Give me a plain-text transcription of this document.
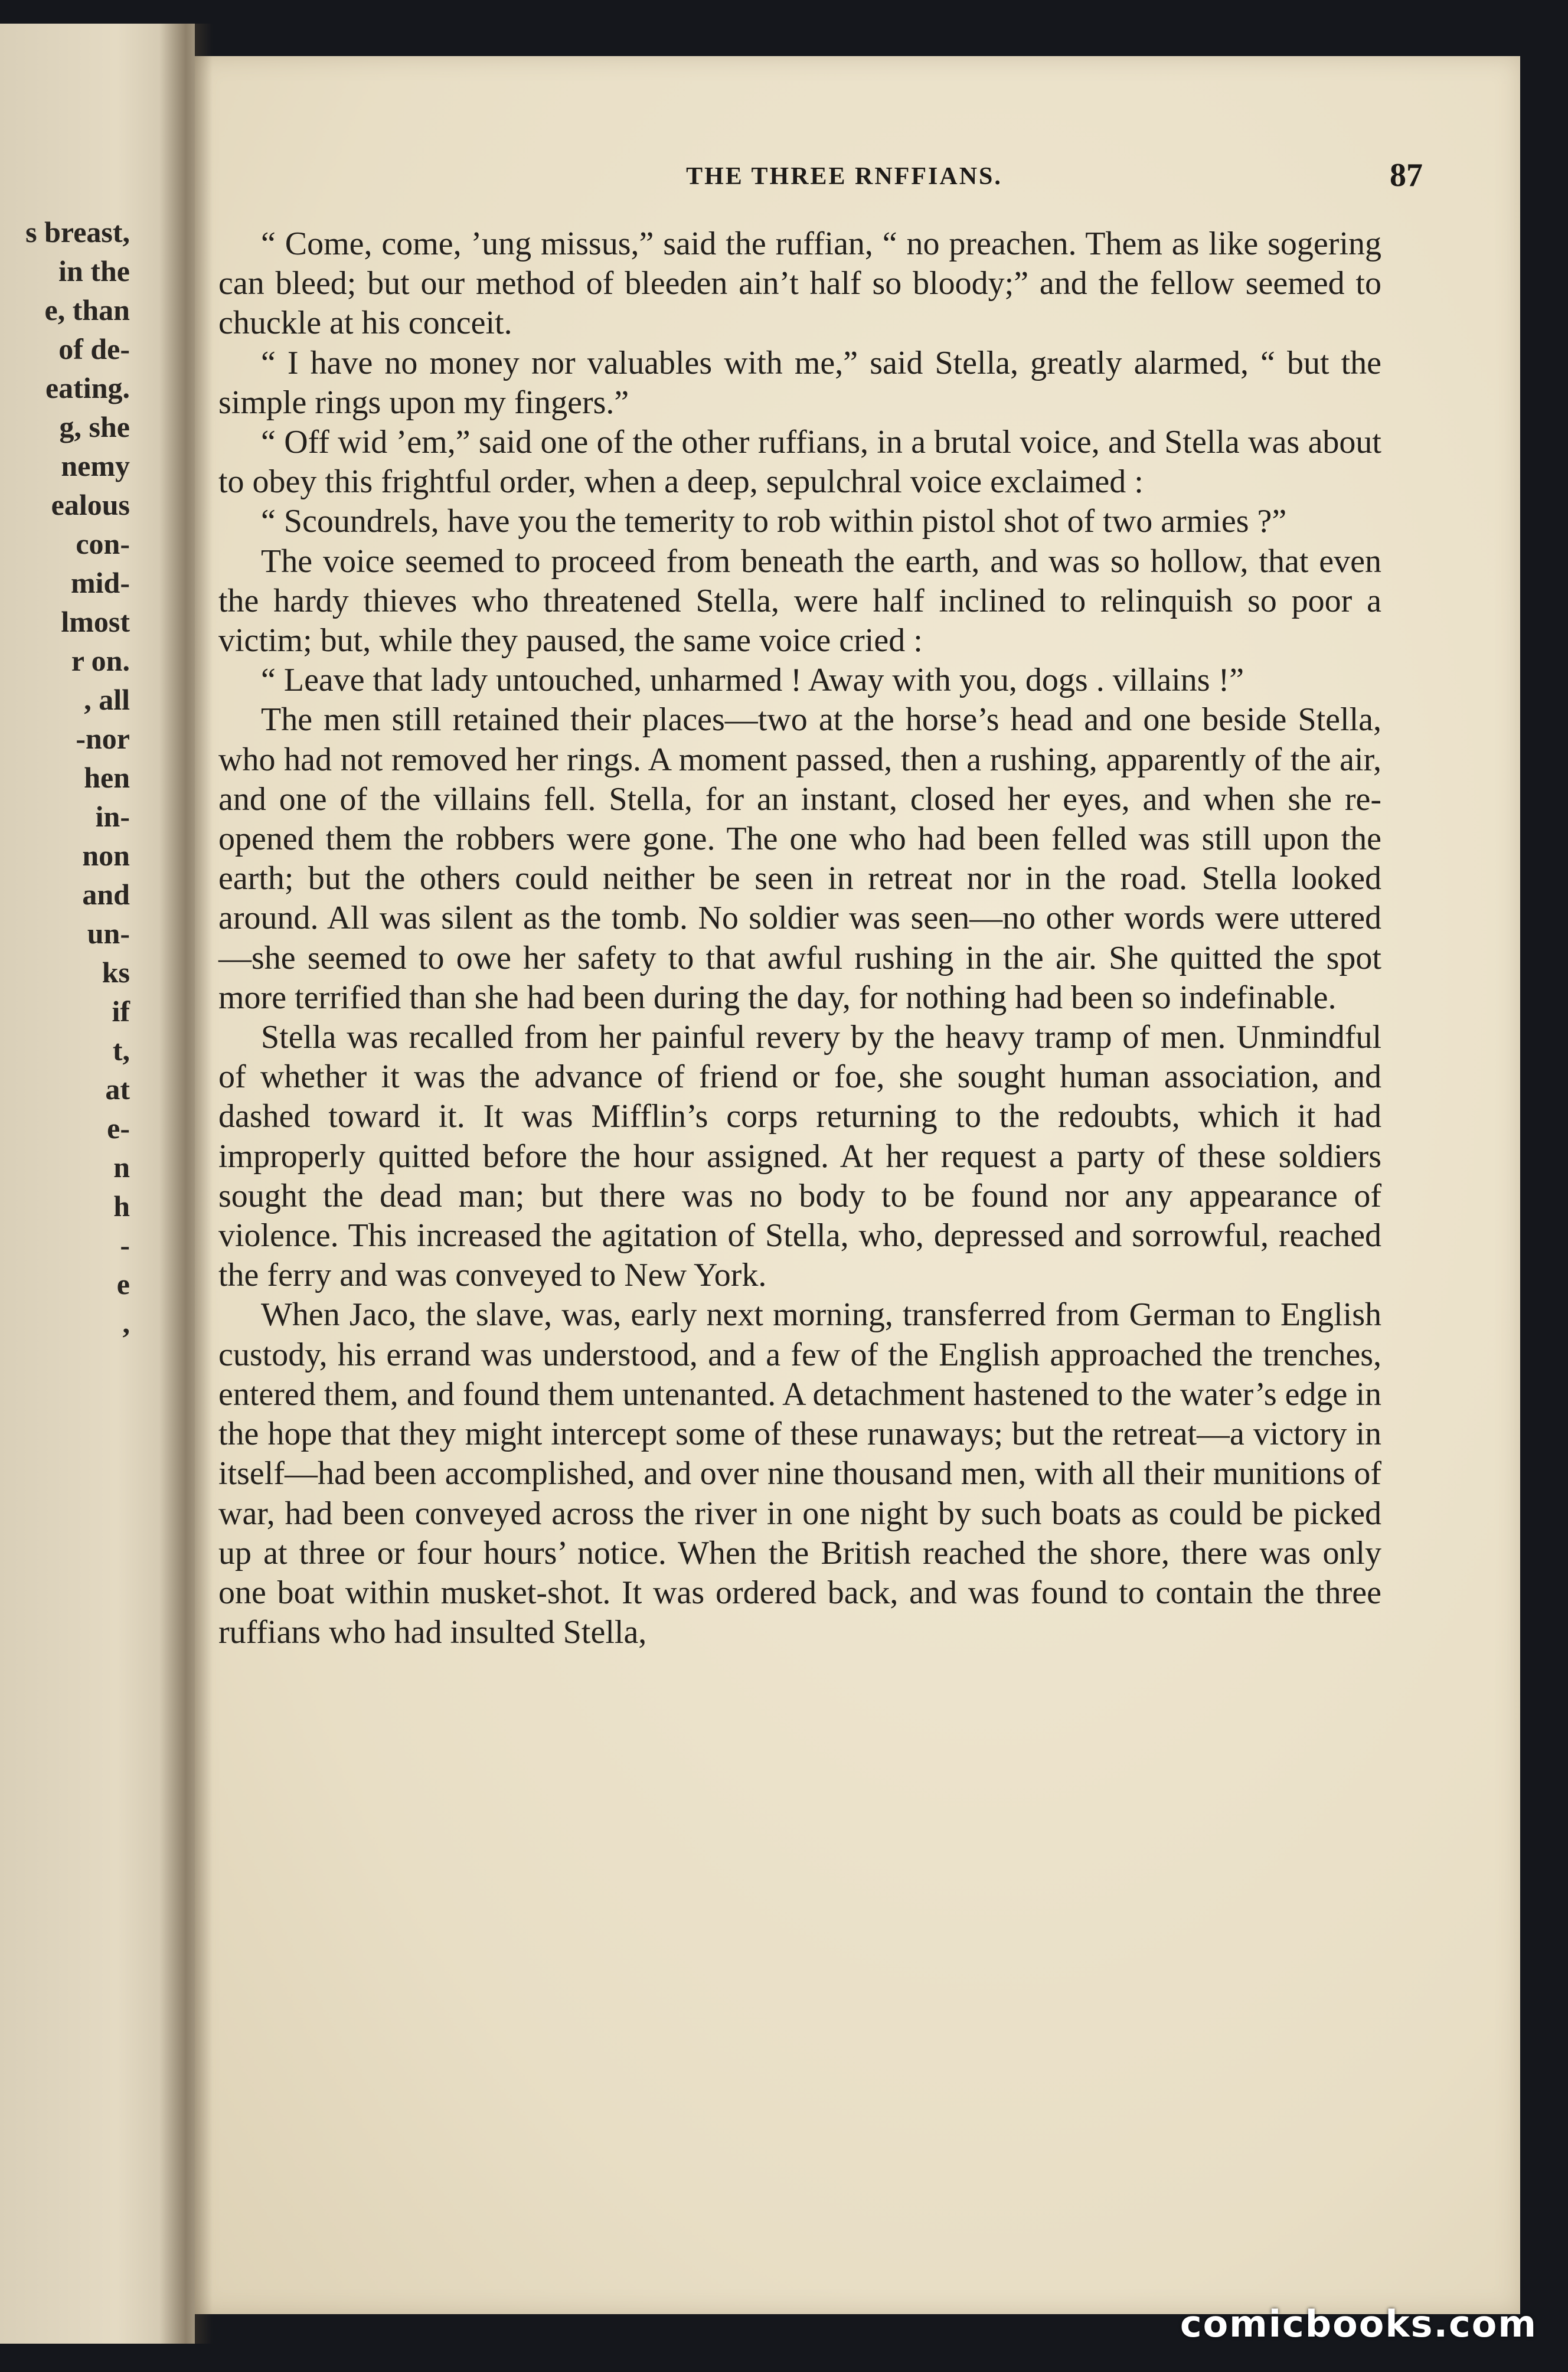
s breast,
in the
e, than
of de-
eating.
g, she
nemy
ealous
con-
mid-
lmost
r on.
, all
-nor
hen
in-
non
and
un-
ks
if
t,
at
e-
n
h
-
e
,
THE THREE RNFFIANS.	87

“ Come, come, ’ung missus,” said the ruffian, “ no preachen. Them as like sogering can bleed; but our method of bleeden ain’t half so bloody;” and the fellow seemed to chuckle at his conceit.

“ I have no money nor valuables with me,” said Stella, greatly alarmed, “ but the simple rings upon my fingers.”

“ Off wid ’em,” said one of the other ruffians, in a brutal voice, and Stella was about to obey this frightful order, when a deep, sepulchral voice exclaimed :

“ Scoundrels, have you the temerity to rob within pistol shot of two armies ?”

The voice seemed to proceed from beneath the earth, and was so hollow, that even the hardy thieves who threatened Stella, were half inclined to relinquish so poor a victim; but, while they paused, the same voice cried :

“ Leave that lady untouched, unharmed ! Away with you, dogs . villains !”

The men still retained their places—two at the horse’s head and one beside Stella, who had not removed her rings. A moment passed, then a rushing, apparently of the air, and one of the villains fell. Stella, for an instant, closed her eyes, and when she re-opened them the robbers were gone. The one who had been felled was still upon the earth; but the others could neither be seen in retreat nor in the road. Stella looked around. All was silent as the tomb. No soldier was seen—no other words were uttered—she seemed to owe her safety to that awful rushing in the air. She quitted the spot more terrified than she had been during the day, for nothing had been so indefinable.

Stella was recalled from her painful revery by the heavy tramp of men. Unmindful of whether it was the advance of friend or foe, she sought human association, and dashed toward it. It was Mifflin’s corps returning to the redoubts, which it had improperly quitted before the hour assigned. At her request a party of these soldiers sought the dead man; but there was no body to be found nor any appearance of violence. This increased the agitation of Stella, who, depressed and sorrowful, reached the ferry and was conveyed to New York.

When Jaco, the slave, was, early next morning, transferred from German to English custody, his errand was understood, and a few of the English approached the trenches, entered them, and found them untenanted. A detachment hastened to the water’s edge in the hope that they might intercept some of these runaways; but the retreat—a victory in itself—had been accomplished, and over nine thousand men, with all their munitions of war, had been conveyed across the river in one night by such boats as could be picked up at three or four hours’ notice. When the British reached the shore, there was only one boat within musket-shot. It was ordered back, and was found to contain the three ruffians who had insulted Stella,

comicbooks.com
